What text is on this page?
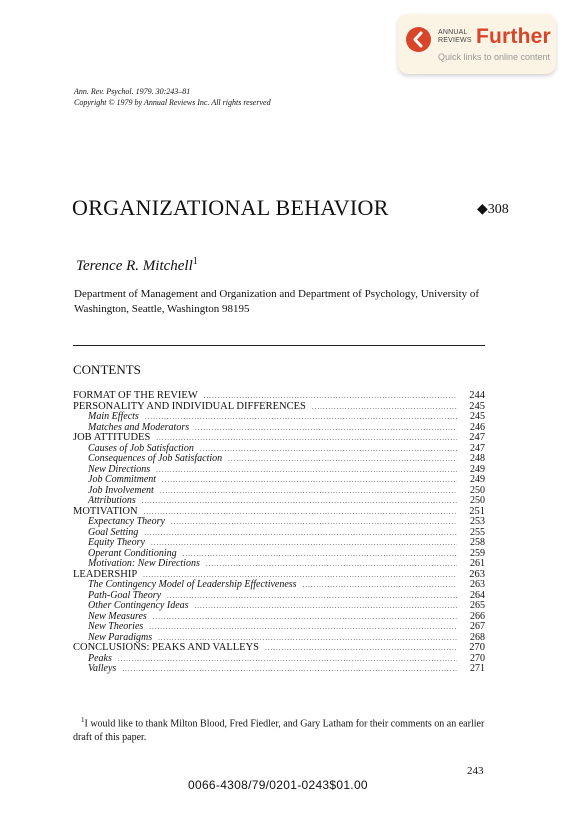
ANNUAL
REVIEWS Further
Quick links to online content
Ann. Rev. Psychol. 1979. 30:243–81
Copyright © 1979 by Annual Reviews Inc. All rights reserved
ORGANIZATIONAL BEHAVIOR	◆308
Terence R. Mitchell$^1$
Department of Management and Organization and Department of Psychology, University of Washington, Seattle, Washington 98195
CONTENTS
FORMAT OF THE REVIEW .....	244
PERSONALITY AND INDIVIDUAL DIFFERENCES .....	245
Main Effects .....	245
Matches and Moderators .....	246
JOB ATTITUDES .....	247
Causes of Job Satisfaction .....	247
Consequences of Job Satisfaction .....	248
New Directions .....	249
Job Commitment .....	249
Job Involvement .....	250
Attributions .....	250
MOTIVATION .....	251
Expectancy Theory .....	253
Goal Setting .....	255
Equity Theory .....	258
Operant Conditioning .....	259
Motivation: New Directions .....	261
LEADERSHIP .....	263
The Contingency Model of Leadership Effectiveness .....	263
Path-Goal Theory .....	264
Other Contingency Ideas .....	265
New Measures .....	266
New Theories .....	267
New Paradigms .....	268
CONCLUSIONS: PEAKS AND VALLEYS .....	270
Peaks .....	270
Valleys .....	271
$^1$I would like to thank Milton Blood, Fred Fiedler, and Gary Latham for their comments on an earlier draft of this paper.
243
0066-4308/79/0201-0243$01.00
